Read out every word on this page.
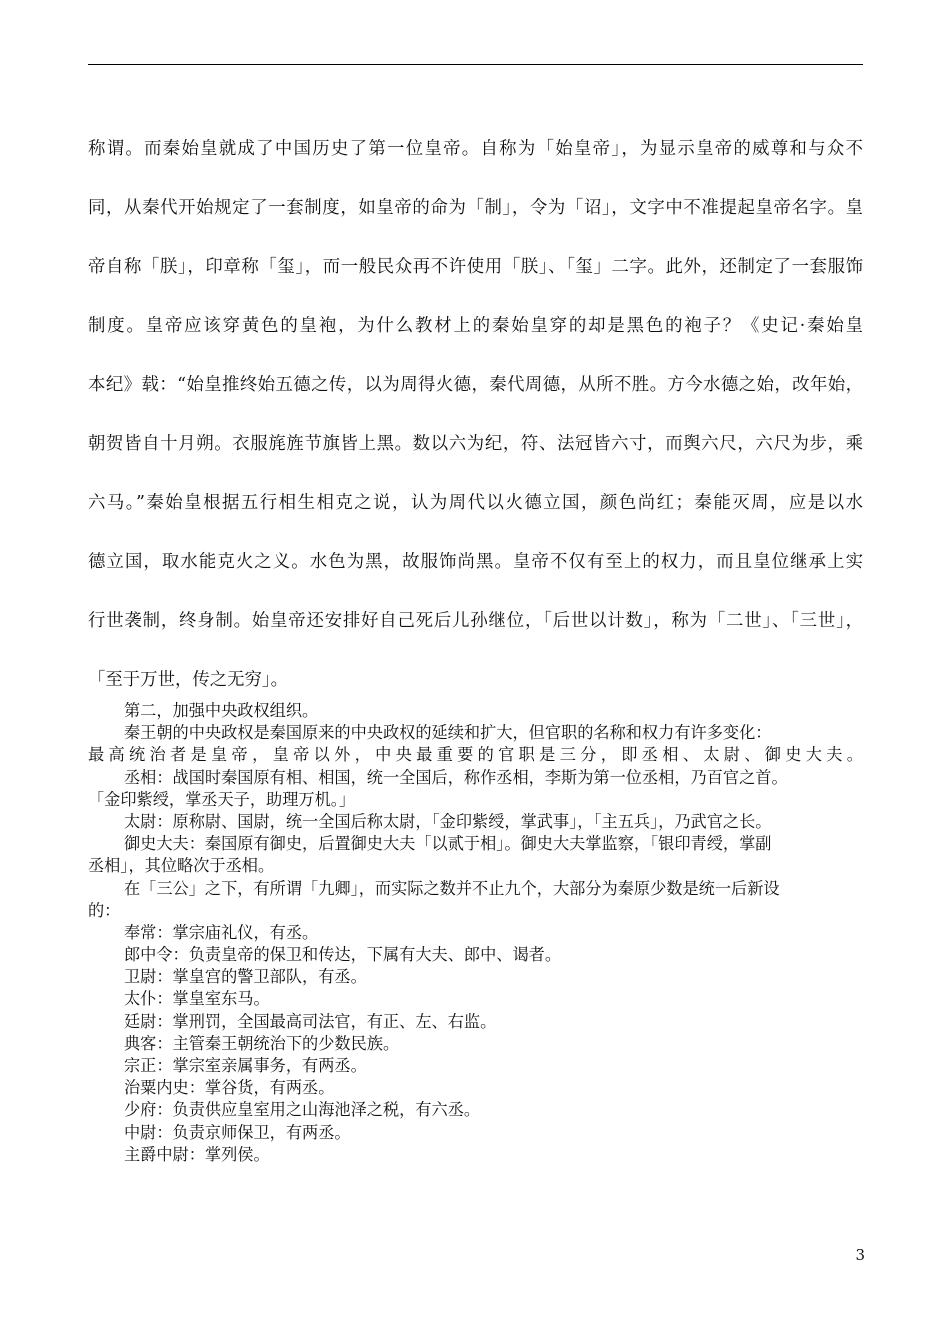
称谓。而秦始皇就成了中国历史了第一位皇帝。自称为「始皇帝」，为显示皇帝的威尊和与众不
同，从秦代开始规定了一套制度，如皇帝的命为「制」，令为「诏」，文字中不准提起皇帝名字。皇
帝自称「朕」，印章称「玺」，而一般民众再不许使用「朕」、「玺」二字。此外，还制定了一套服饰
制度。皇帝应该穿黄色的皇袍，为什么教材上的秦始皇穿的却是黑色的袍子？《史记·秦始皇
本纪》载：“始皇推终始五德之传，以为周得火德，秦代周德，从所不胜。方今水德之始，改年始，
朝贺皆自十月朔。衣服旄旌节旗皆上黑。数以六为纪，符、法冠皆六寸，而舆六尺，六尺为步，乘
六马。”秦始皇根据五行相生相克之说，认为周代以火德立国，颜色尚红；秦能灭周，应是以水
德立国，取水能克火之义。水色为黑，故服饰尚黑。皇帝不仅有至上的权力，而且皇位继承上实
行世袭制，终身制。始皇帝还安排好自己死后儿孙继位，「后世以计数」，称为「二世」、「三世」，
「至于万世，传之无穷」。
第二，加强中央政权组织。
秦王朝的中央政权是秦国原来的中央政权的延续和扩大，但官职的名称和权力有许多变化：
最高统治者是皇帝，皇帝以外，中央最重要的官职是三分，即丞相、太尉、御史大夫。
丞相：战国时秦国原有相、相国，统一全国后，称作丞相，李斯为第一位丞相，乃百官之首。
「金印紫绶，掌丞天子，助理万机。」
太尉：原称尉、国尉，统一全国后称太尉，「金印紫绶，掌武事」，「主五兵」，乃武官之长。
御史大夫：秦国原有御史，后置御史大夫「以贰于相」。御史大夫掌监察，「银印青绶，掌副
丞相」，其位略次于丞相。
在「三公」之下，有所谓「九卿」，而实际之数并不止九个，大部分为秦原少数是统一后新设
的：
奉常：掌宗庙礼仪，有丞。
郎中令：负责皇帝的保卫和传达，下属有大夫、郎中、谒者。
卫尉：掌皇宫的警卫部队，有丞。
太仆：掌皇室东马。
廷尉：掌刑罚，全国最高司法官，有正、左、右监。
典客：主管秦王朝统治下的少数民族。
宗正：掌宗室亲属事务，有两丞。
治粟内史：掌谷货，有两丞。
少府：负责供应皇室用之山海池泽之税，有六丞。
中尉：负责京师保卫，有两丞。
主爵中尉：掌列侯。
3
